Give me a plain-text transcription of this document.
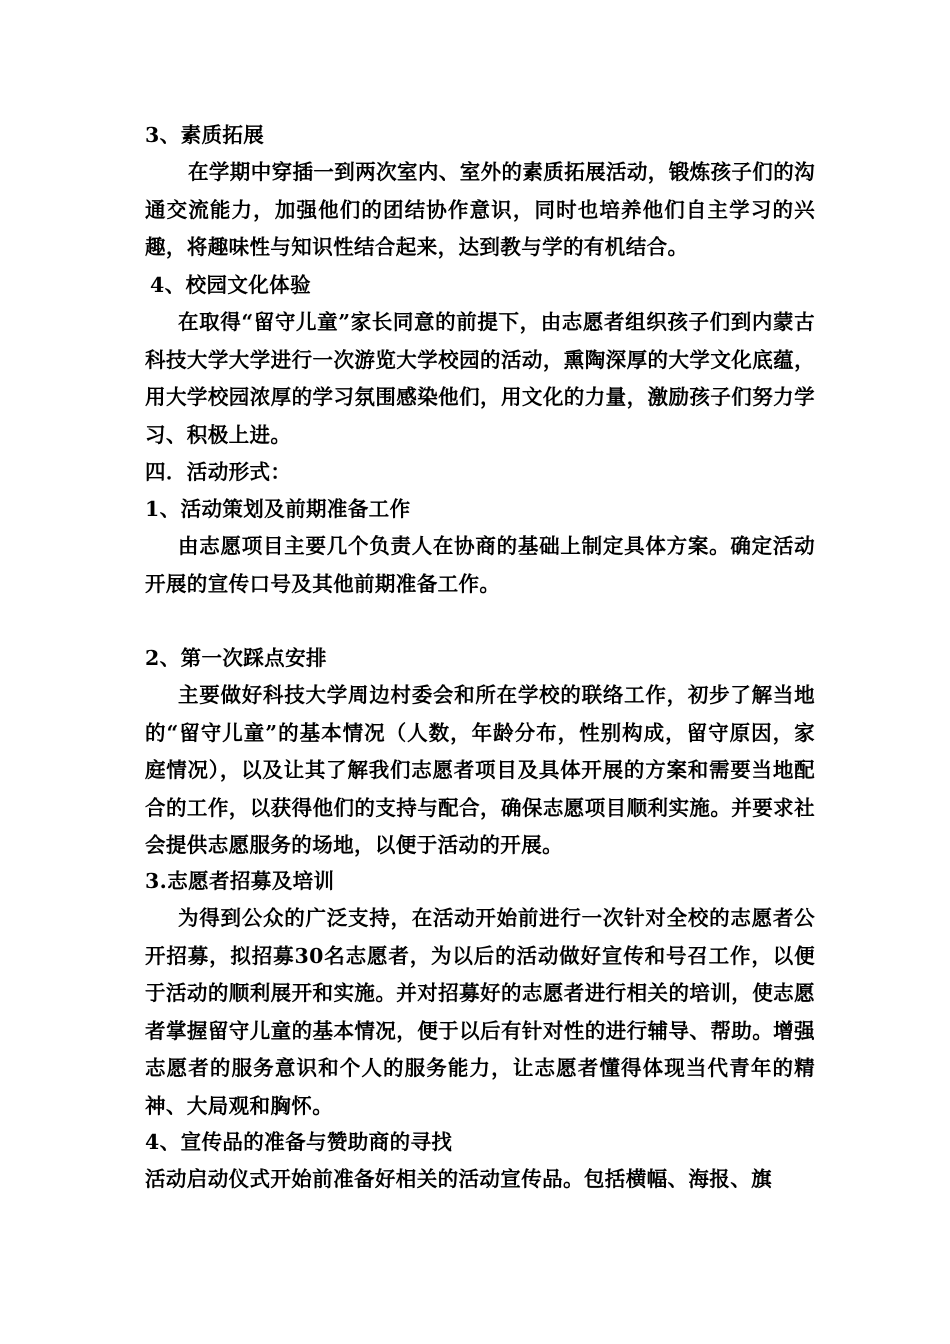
3、素质拓展
在学期中穿插一到两次室内、室外的素质拓展活动，锻炼孩子们的沟通交流能力，加强他们的团结协作意识，同时也培养他们自主学习的兴趣，将趣味性与知识性结合起来，达到教与学的有机结合。
4、校园文化体验
在取得“留守儿童”家长同意的前提下，由志愿者组织孩子们到内蒙古科技大学大学进行一次游览大学校园的活动，熏陶深厚的大学文化底蕴，用大学校园浓厚的学习氛围感染他们，用文化的力量，激励孩子们努力学习、积极上进。
四．活动形式：
1、活动策划及前期准备工作
由志愿项目主要几个负责人在协商的基础上制定具体方案。确定活动开展的宣传口号及其他前期准备工作。
2、第一次踩点安排
主要做好科技大学周边村委会和所在学校的联络工作，初步了解当地的“留守儿童”的基本情况（人数，年龄分布，性别构成，留守原因，家庭情况），以及让其了解我们志愿者项目及具体开展的方案和需要当地配合的工作，以获得他们的支持与配合，确保志愿项目顺利实施。并要求社会提供志愿服务的场地，以便于活动的开展。
3.志愿者招募及培训
为得到公众的广泛支持，在活动开始前进行一次针对全校的志愿者公开招募，拟招募30名志愿者，为以后的活动做好宣传和号召工作，以便于活动的顺利展开和实施。并对招募好的志愿者进行相关的培训，使志愿者掌握留守儿童的基本情况，便于以后有针对性的进行辅导、帮助。增强志愿者的服务意识和个人的服务能力，让志愿者懂得体现当代青年的精神、大局观和胸怀。
4、宣传品的准备与赞助商的寻找
活动启动仪式开始前准备好相关的活动宣传品。包括横幅、海报、旗
